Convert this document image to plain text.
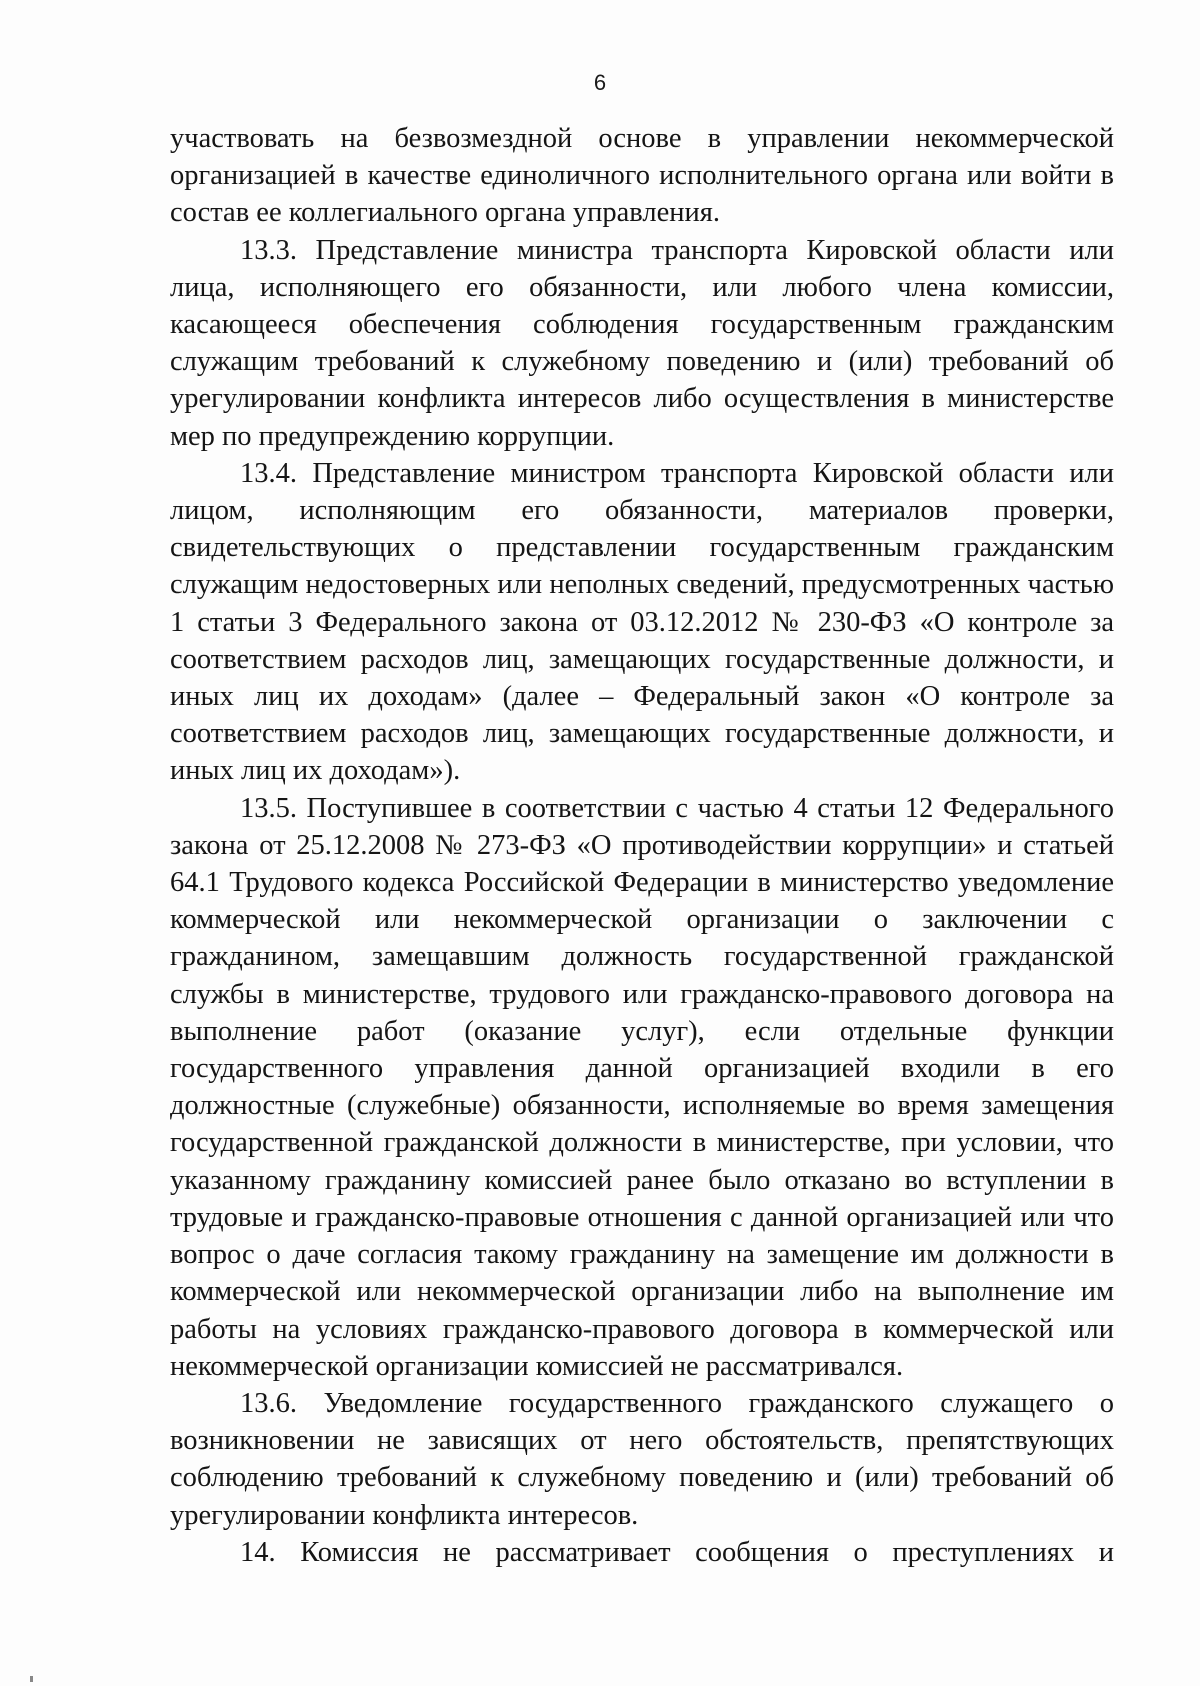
6

участвовать на безвозмездной основе в управлении некоммерческой организацией в качестве единоличного исполнительного органа или войти в состав ее коллегиального органа управления.

13.3. Представление министра транспорта Кировской области или лица, исполняющего его обязанности, или любого члена комиссии, касающееся обеспечения соблюдения государственным гражданским служащим требований к служебному поведению и (или) требований об урегулировании конфликта интересов либо осуществления в министерстве мер по предупреждению коррупции.

13.4. Представление министром транспорта Кировской области или лицом, исполняющим его обязанности, материалов проверки, свидетельствующих о представлении государственным гражданским служащим недостоверных или неполных сведений, предусмотренных частью 1 статьи 3 Федерального закона от 03.12.2012 № 230-ФЗ «О контроле за соответствием расходов лиц, замещающих государственные должности, и иных лиц их доходам» (далее – Федеральный закон «О контроле за соответствием расходов лиц, замещающих государственные должности, и иных лиц их доходам»).

13.5. Поступившее в соответствии с частью 4 статьи 12 Федерального закона от 25.12.2008 № 273-ФЗ «О противодействии коррупции» и статьей 64.1 Трудового кодекса Российской Федерации в министерство уведомление коммерческой или некоммерческой организации о заключении с гражданином, замещавшим должность государственной гражданской службы в министерстве, трудового или гражданско-правового договора на выполнение работ (оказание услуг), если отдельные функции государственного управления данной организацией входили в его должностные (служебные) обязанности, исполняемые во время замещения государственной гражданской должности в министерстве, при условии, что указанному гражданину комиссией ранее было отказано во вступлении в трудовые и гражданско-правовые отношения с данной организацией или что вопрос о даче согласия такому гражданину на замещение им должности в коммерческой или некоммерческой организации либо на выполнение им работы на условиях гражданско-правового договора в коммерческой или некоммерческой организации комиссией не рассматривался.

13.6. Уведомление государственного гражданского служащего о возникновении не зависящих от него обстоятельств, препятствующих соблюдению требований к служебному поведению и (или) требований об урегулировании конфликта интересов.

14. Комиссия не рассматривает сообщения о преступлениях и
